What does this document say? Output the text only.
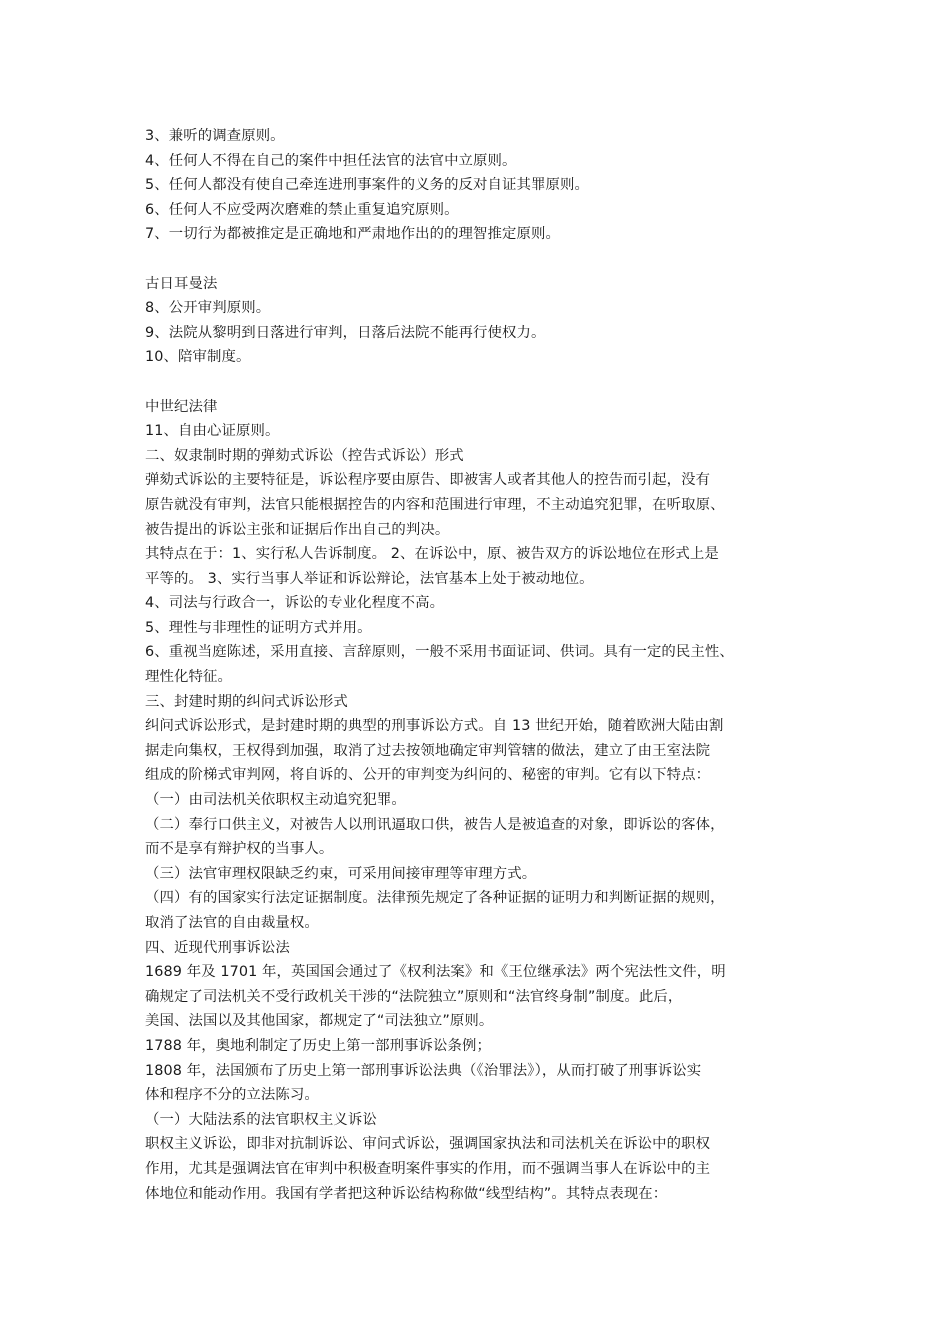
3、兼听的调查原则。
4、任何人不得在自己的案件中担任法官的法官中立原则。
5、任何人都没有使自己牵连进刑事案件的义务的反对自证其罪原则。
6、任何人不应受两次磨难的禁止重复追究原则。
7、一切行为都被推定是正确地和严肃地作出的的理智推定原则。
古日耳曼法
8、公开审判原则。
9、法院从黎明到日落进行审判，日落后法院不能再行使权力。
10、陪审制度。
中世纪法律
11、自由心证原则。
二、奴隶制时期的弹劾式诉讼（控告式诉讼）形式
弹劾式诉讼的主要特征是，诉讼程序要由原告、即被害人或者其他人的控告而引起，没有
原告就没有审判，法官只能根据控告的内容和范围进行审理，不主动追究犯罪，在听取原、
被告提出的诉讼主张和证据后作出自己的判决。
其特点在于：1、实行私人告诉制度。 2、在诉讼中，原、被告双方的诉讼地位在形式上是
平等的。 3、实行当事人举证和诉讼辩论，法官基本上处于被动地位。
4、司法与行政合一，诉讼的专业化程度不高。
5、理性与非理性的证明方式并用。
6、重视当庭陈述，采用直接、言辞原则，一般不采用书面证词、供词。具有一定的民主性、
理性化特征。
三、封建时期的纠问式诉讼形式
纠问式诉讼形式，是封建时期的典型的刑事诉讼方式。自 13 世纪开始，随着欧洲大陆由割
据走向集权，王权得到加强，取消了过去按领地确定审判管辖的做法，建立了由王室法院
组成的阶梯式审判网，将自诉的、公开的审判变为纠问的、秘密的审判。它有以下特点：
（一）由司法机关依职权主动追究犯罪。
（二）奉行口供主义，对被告人以刑讯逼取口供，被告人是被追查的对象，即诉讼的客体，
而不是享有辩护权的当事人。
（三）法官审理权限缺乏约束，可采用间接审理等审理方式。
（四）有的国家实行法定证据制度。法律预先规定了各种证据的证明力和判断证据的规则，
取消了法官的自由裁量权。
四、近现代刑事诉讼法
1689 年及 1701 年，英国国会通过了《权利法案》和《王位继承法》两个宪法性文件，明
确规定了司法机关不受行政机关干涉的“法院独立”原则和“法官终身制”制度。此后，
美国、法国以及其他国家，都规定了“司法独立”原则。
1788 年，奥地利制定了历史上第一部刑事诉讼条例；
1808 年，法国颁布了历史上第一部刑事诉讼法典（《治罪法》），从而打破了刑事诉讼实
体和程序不分的立法陈习。
（一）大陆法系的法官职权主义诉讼
职权主义诉讼，即非对抗制诉讼、审问式诉讼，强调国家执法和司法机关在诉讼中的职权
作用，尤其是强调法官在审判中积极查明案件事实的作用，而不强调当事人在诉讼中的主
体地位和能动作用。我国有学者把这种诉讼结构称做“线型结构”。其特点表现在：
